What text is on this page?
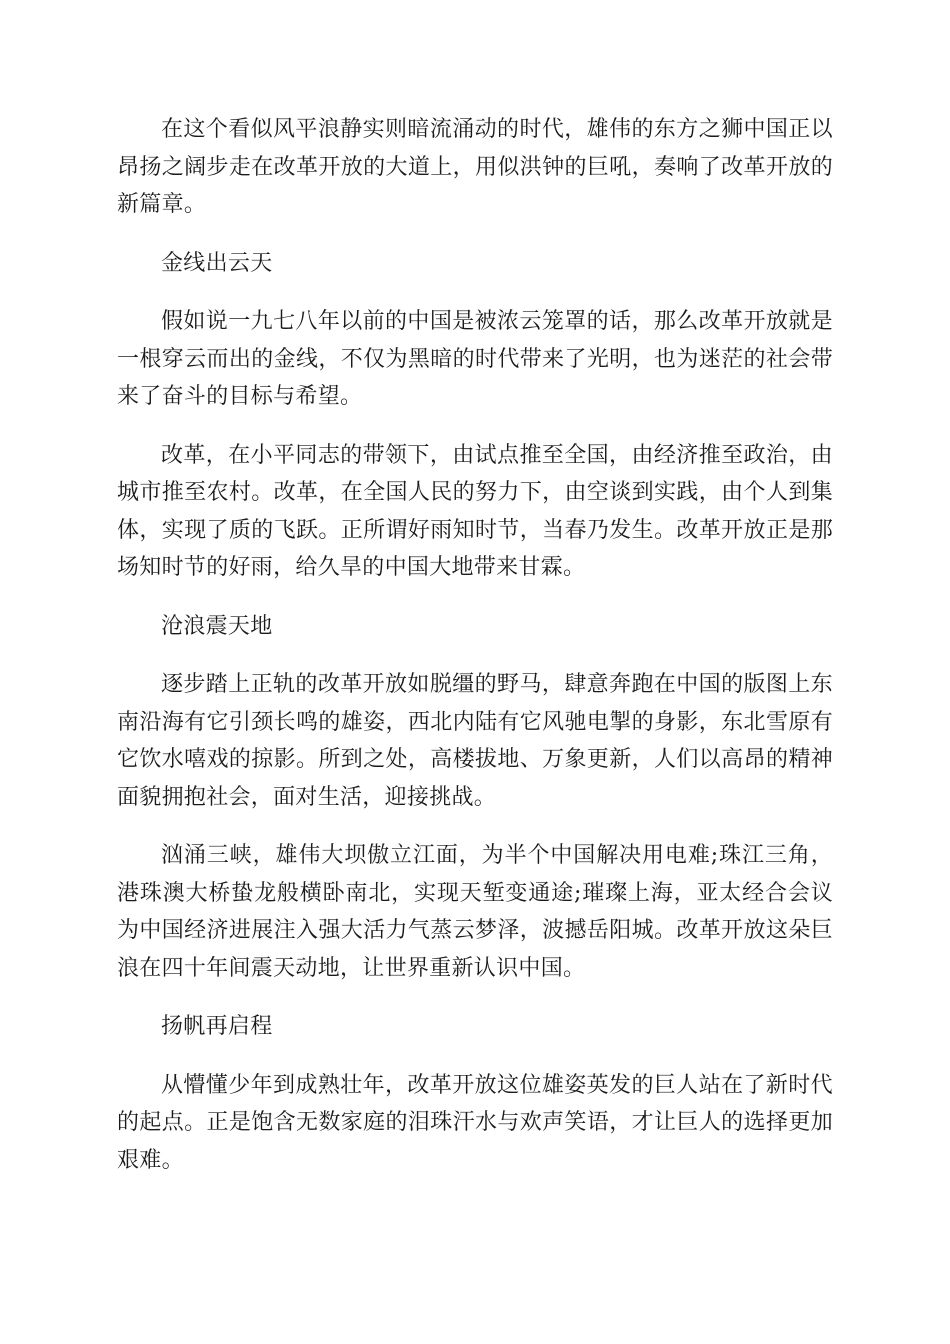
在这个看似风平浪静实则暗流涌动的时代，雄伟的东方之狮中国正以昂扬之阔步走在改革开放的大道上，用似洪钟的巨吼，奏响了改革开放的新篇章。

金线出云天

假如说一九七八年以前的中国是被浓云笼罩的话，那么改革开放就是一根穿云而出的金线，不仅为黑暗的时代带来了光明，也为迷茫的社会带来了奋斗的目标与希望。

改革，在小平同志的带领下，由试点推至全国，由经济推至政治，由城市推至农村。改革，在全国人民的努力下，由空谈到实践，由个人到集体，实现了质的飞跃。正所谓好雨知时节，当春乃发生。改革开放正是那场知时节的好雨，给久旱的中国大地带来甘霖。

沧浪震天地

逐步踏上正轨的改革开放如脱缰的野马，肆意奔跑在中国的版图上东南沿海有它引颈长鸣的雄姿，西北内陆有它风驰电掣的身影，东北雪原有它饮水嘻戏的掠影。所到之处，高楼拔地、万象更新，人们以高昂的精神面貌拥抱社会，面对生活，迎接挑战。

汹涌三峡，雄伟大坝傲立江面，为半个中国解决用电难;珠江三角，港珠澳大桥蛰龙般横卧南北，实现天堑变通途;璀璨上海，亚太经合会议为中国经济进展注入强大活力气蒸云梦泽，波撼岳阳城。改革开放这朵巨浪在四十年间震天动地，让世界重新认识中国。

扬帆再启程

从懵懂少年到成熟壮年，改革开放这位雄姿英发的巨人站在了新时代的起点。正是饱含无数家庭的泪珠汗水与欢声笑语，才让巨人的选择更加艰难。
